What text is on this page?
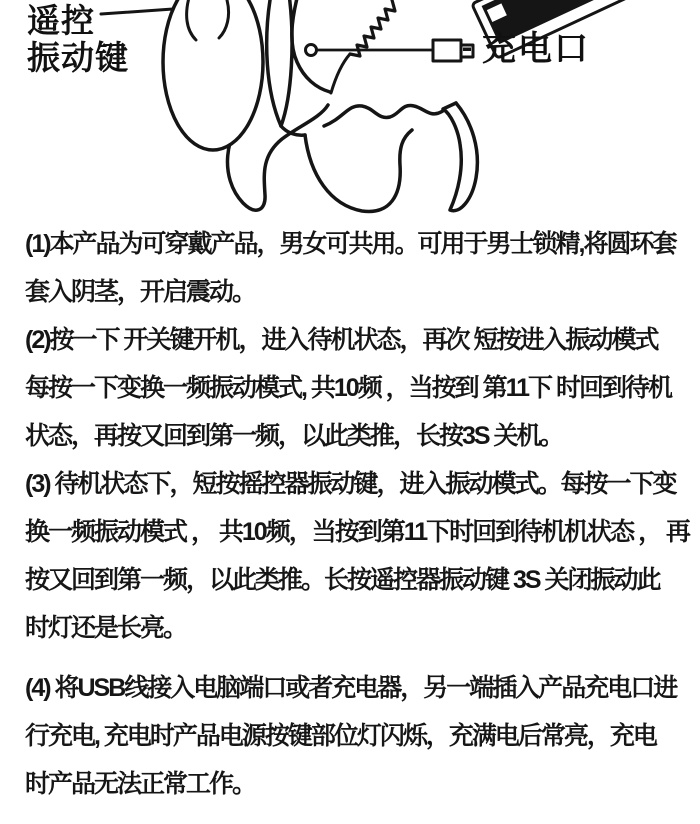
遥控
振动键	充电口
(1)本产品为可穿戴产品，男女可共用。可用于男士锁精,将圆环套
套入阴茎，开启震动。
(2)按一下 开关键开机，进入待机状态，再次 短按进入振动模式
每按一下变换一频振动模式, 共10频 ，当按到 第11下 时回到待机
状态，再按又回到第一频，以此类推，长按3S 关机。
(3) 待机状态下，短按摇控器振动键，进入振动模式。每按一下变
换一频振动模式 ， 共10频，当按到第11下时回到待机机状态 ， 再
按又回到第一频，以此类推。长按遥控器振动键 3S 关闭振动此
时灯还是长亮。
(4) 将USB线接入电脑端口或者充电器，另一端插入产品充电口进
行充电, 充电时产品电源按键部位灯闪烁，充满电后常亮，充电
时产品无法正常工作。
